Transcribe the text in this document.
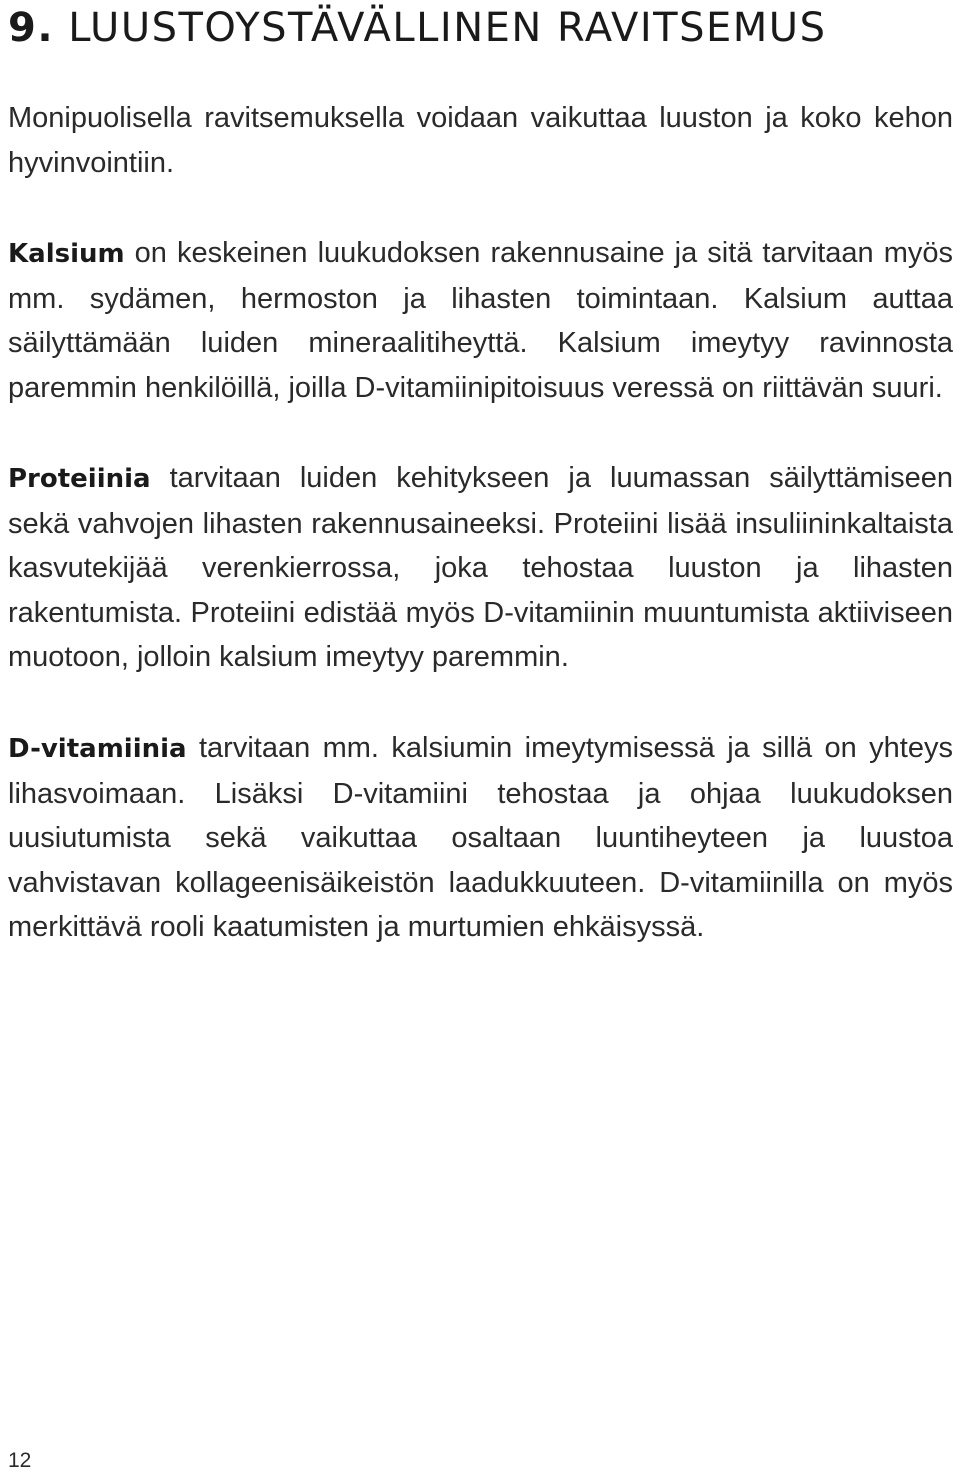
9. LUUSTOYSTÄVÄLLINEN RAVITSEMUS

Monipuolisella ravitsemuksella voidaan vaikuttaa luuston ja koko kehon hyvinvointiin.

Kalsium on keskeinen luukudoksen rakennusaine ja sitä tarvitaan myös mm. sydämen, hermoston ja lihasten toimintaan. Kalsium auttaa säilyttämään luiden mineraalitiheyttä. Kalsium imeytyy ravinnosta paremmin henkilöillä, joilla D-vitamiinipitoisuus veressä on riittävän suuri.

Proteiinia tarvitaan luiden kehitykseen ja luumassan säilyttämiseen sekä vahvojen lihasten rakennusaineeksi. Proteiini lisää insuliininkaltaista kasvutekijää verenkierrossa, joka tehostaa luuston ja lihasten rakentumista. Proteiini edistää myös D-vitamiinin muuntumista aktiiviseen muotoon, jolloin kalsium imeytyy paremmin.

D-vitamiinia tarvitaan mm. kalsiumin imeytymisessä ja sillä on yhteys lihasvoimaan. Lisäksi D-vitamiini tehostaa ja ohjaa luukudoksen uusiutumista sekä vaikuttaa osaltaan luuntiheyteen ja luustoa vahvistavan kollageenisäikeistön laadukkuuteen. D-vitamiinilla on myös merkittävä rooli kaatumisten ja murtumien ehkäisyssä.

12
